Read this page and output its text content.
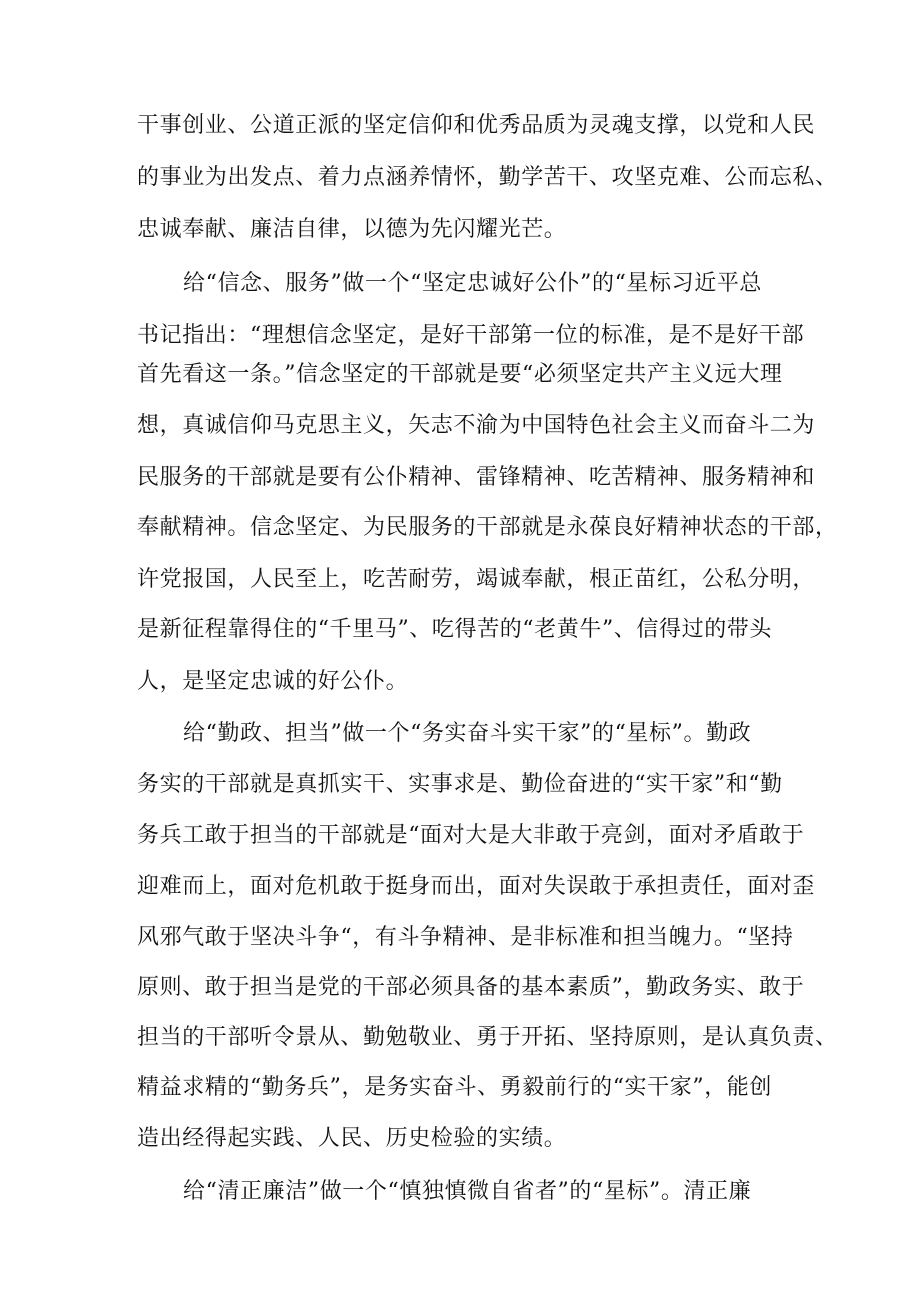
干事创业、公道正派的坚定信仰和优秀品质为灵魂支撑，以党和人民
的事业为出发点、着力点涵养情怀，勤学苦干、攻坚克难、公而忘私、
忠诚奉献、廉洁自律，以德为先闪耀光芒。
给“信念、服务”做一个“坚定忠诚好公仆”的“星标习近平总
书记指出：“理想信念坚定，是好干部第一位的标准，是不是好干部
首先看这一条。”信念坚定的干部就是要“必须坚定共产主义远大理
想，真诚信仰马克思主义，矢志不渝为中国特色社会主义而奋斗二为
民服务的干部就是要有公仆精神、雷锋精神、吃苦精神、服务精神和
奉献精神。信念坚定、为民服务的干部就是永葆良好精神状态的干部，
许党报国，人民至上，吃苦耐劳，竭诚奉献，根正苗红，公私分明，
是新征程靠得住的“千里马”、吃得苦的“老黄牛”、信得过的带头
人，是坚定忠诚的好公仆。
给“勤政、担当”做一个“务实奋斗实干家”的“星标”。勤政
务实的干部就是真抓实干、实事求是、勤俭奋进的“实干家”和“勤
务兵工敢于担当的干部就是“面对大是大非敢于亮剑，面对矛盾敢于
迎难而上，面对危机敢于挺身而出，面对失误敢于承担责任，面对歪
风邪气敢于坚决斗争“，有斗争精神、是非标准和担当魄力。“坚持
原则、敢于担当是党的干部必须具备的基本素质”，勤政务实、敢于
担当的干部听令景从、勤勉敬业、勇于开拓、坚持原则，是认真负责、
精益求精的“勤务兵”，是务实奋斗、勇毅前行的“实干家”，能创
造出经得起实践、人民、历史检验的实绩。
给“清正廉洁”做一个“慎独慎微自省者”的“星标”。清正廉
